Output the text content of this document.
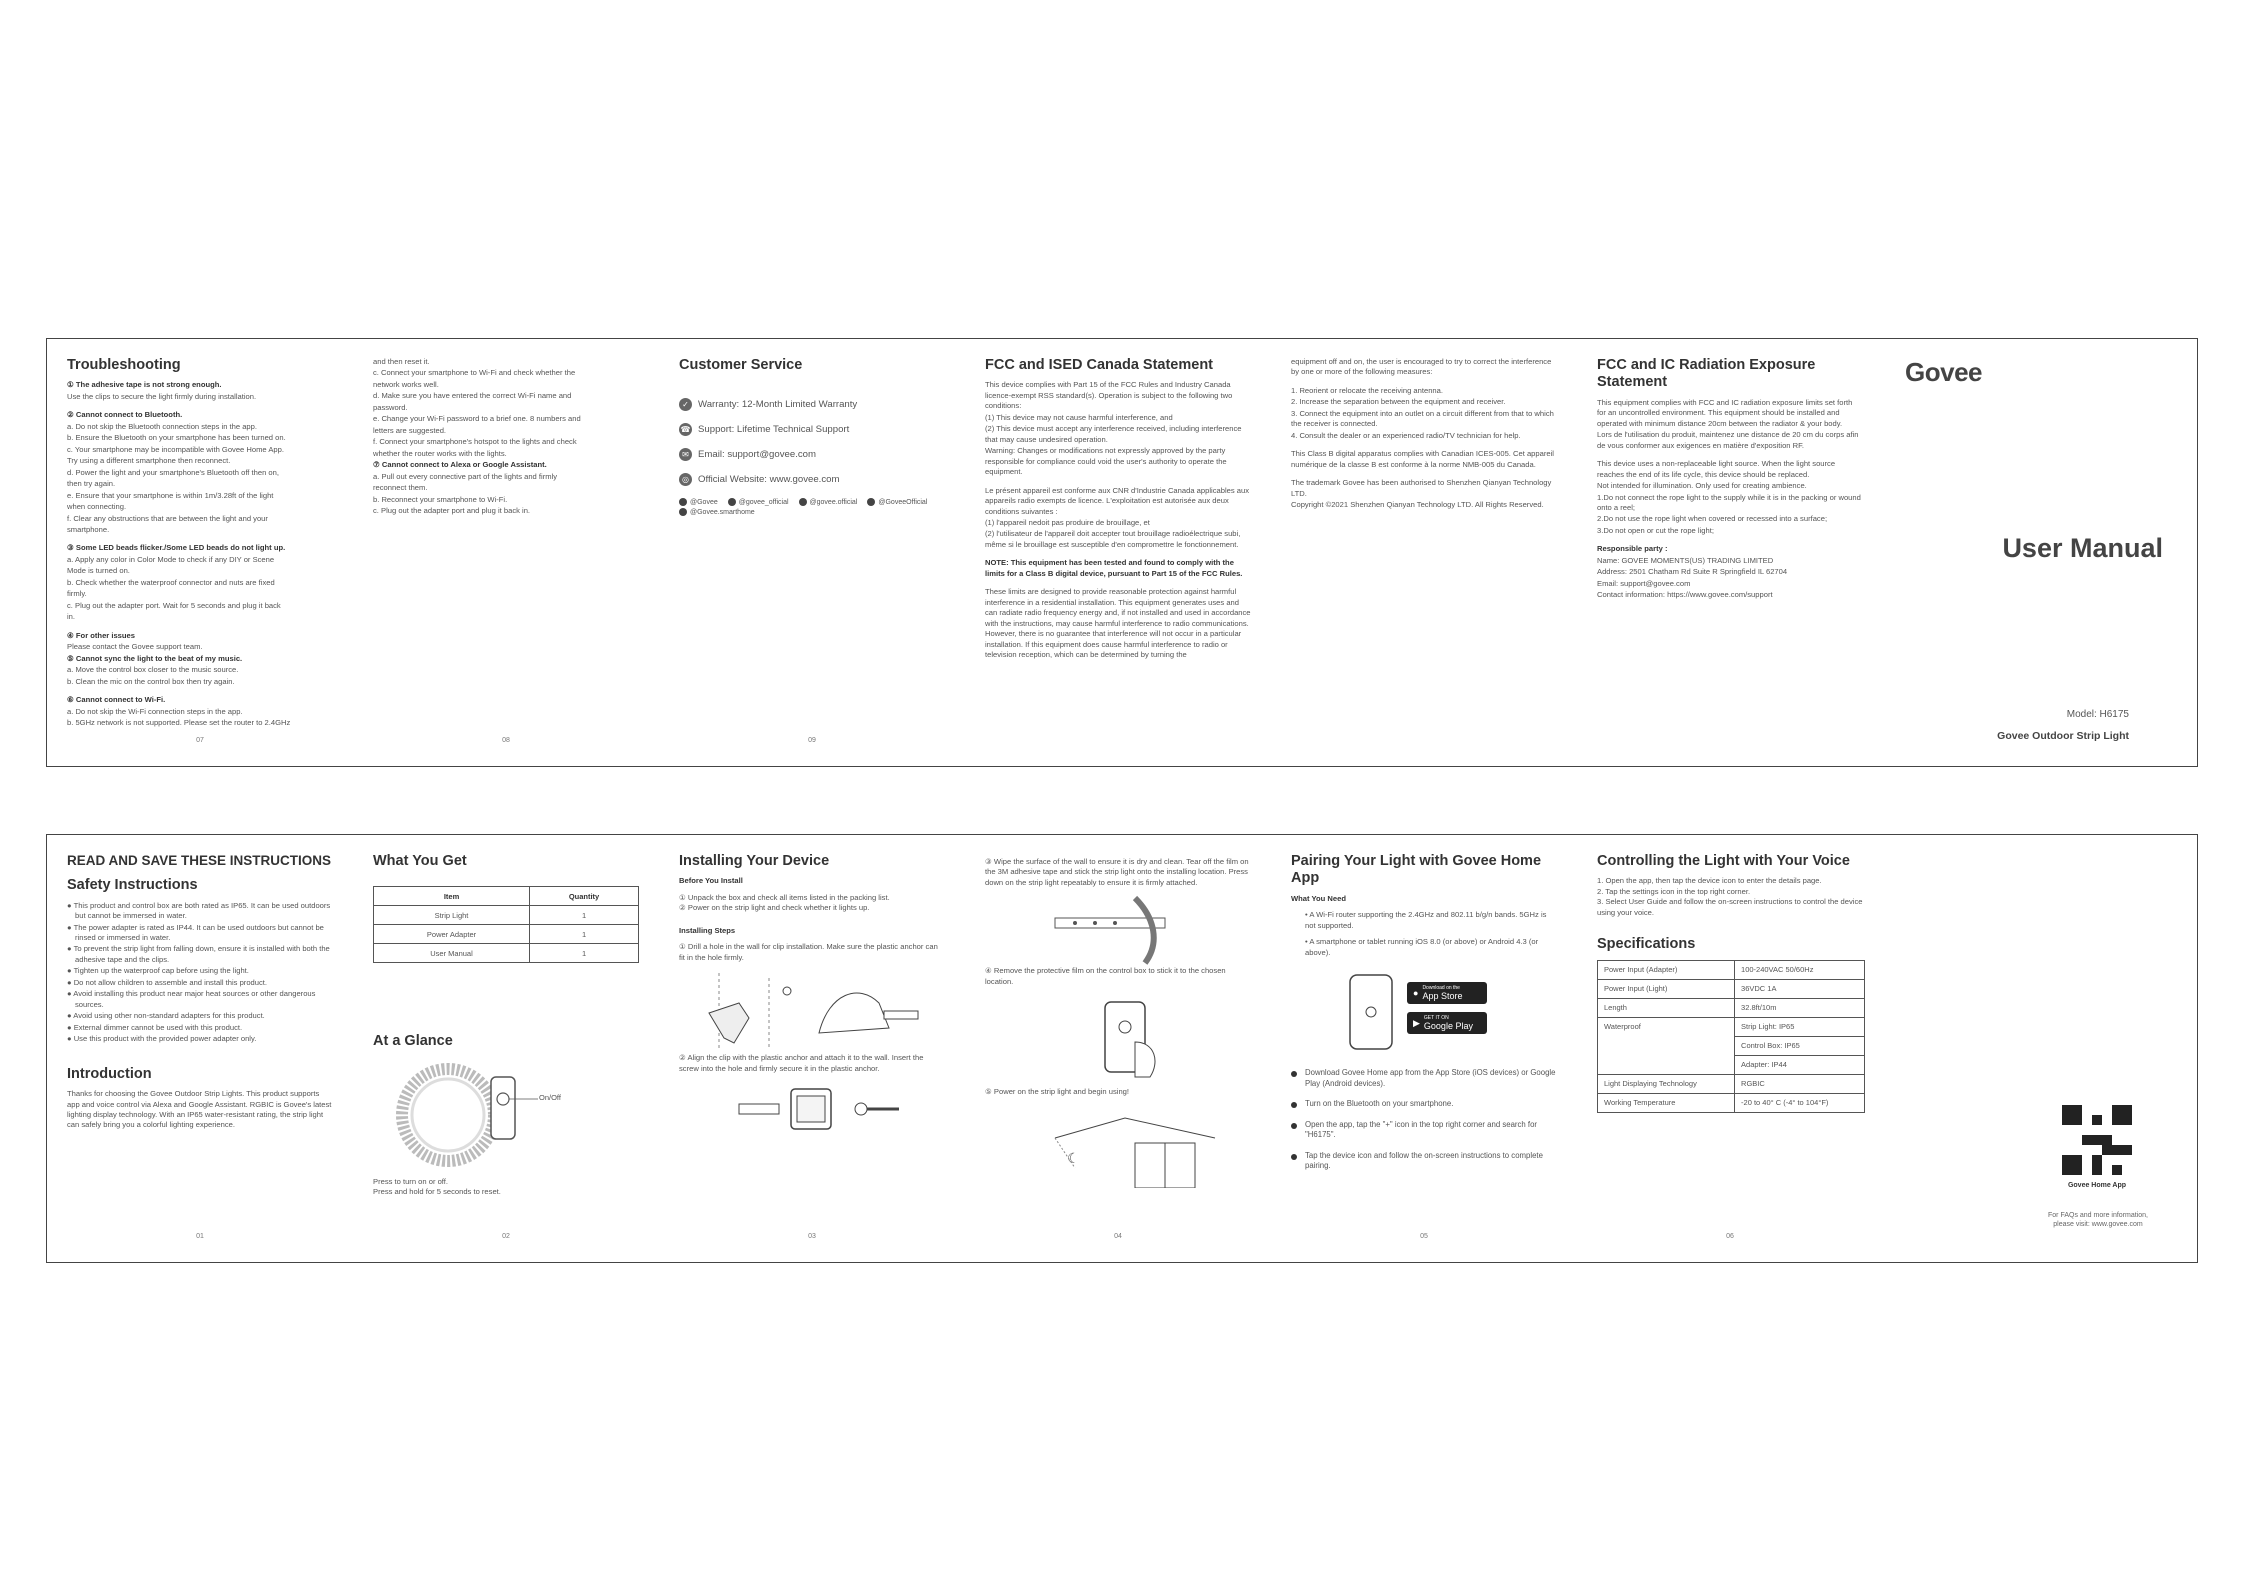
Troubleshooting

① The adhesive tape is not strong enough.

Use the clips to secure the light firmly during installation.

② Cannot connect to Bluetooth.

a. Do not skip the Bluetooth connection steps in the app.

b. Ensure the Bluetooth on your smartphone has been turned on.

c. Your smartphone may be incompatible with Govee Home App.

Try using a different smartphone then reconnect.

d. Power the light and your smartphone's Bluetooth off then on,

then try again.

e. Ensure that your smartphone is within 1m/3.28ft of the light

when connecting.

f. Clear any obstructions that are between the light and your

smartphone.

③ Some LED beads flicker./Some LED beads do not light up.

a. Apply any color in Color Mode to check if any DIY or Scene

Mode is turned on.

b. Check whether the waterproof connector and nuts are fixed

firmly.

c. Plug out the adapter port. Wait for 5 seconds and plug it back

in.

④ For other issues

Please contact the Govee support team.

⑤ Cannot sync the light to the beat of my music.

a. Move the control box closer to the music source.

b. Clean the mic on the control box then try again.

⑥ Cannot connect to Wi-Fi.

a. Do not skip the Wi-Fi connection steps in the app.

b. 5GHz network is not supported. Please set the router to 2.4GHz

07

and then reset it.

c. Connect your smartphone to Wi-Fi and check whether the

network works well.

d. Make sure you have entered the correct Wi-Fi name and

password.

e. Change your Wi-Fi password to a brief one. 8 numbers and

letters are suggested.

f. Connect your smartphone's hotspot to the lights and check

whether the router works with the lights.

⑦ Cannot connect to Alexa or Google Assistant.

a. Pull out every connective part of the lights and firmly

reconnect them.

b. Reconnect your smartphone to Wi-Fi.

c. Plug out the adapter port and plug it back in.

08
Customer Service
✓ Warranty: 12-Month Limited Warranty
☎ Support: Lifetime Technical Support
✉ Email: support@govee.com
◎ Official Website: www.govee.com
@Govee	@govee_official	@govee.official	@GoveeOfficial
@Govee.smarthome
09
FCC and ISED Canada Statement

This device complies with Part 15 of the FCC Rules and Industry Canada licence-exempt RSS standard(s). Operation is subject to the following two conditions:

(1) This device may not cause harmful interference, and

(2) This device must accept any interference received, including interference that may cause undesired operation.

Warning: Changes or modifications not expressly approved by the party responsible for compliance could void the user's authority to operate the equipment.

Le présent appareil est conforme aux CNR d'Industrie Canada applicables aux appareils radio exempts de licence. L'exploitation est autorisée aux deux conditions suivantes :

(1) l'appareil nedoit pas produire de brouillage, et

(2) l'utilisateur de l'appareil doit accepter tout brouillage radioélectrique subi, même si le brouillage est susceptible d'en compromettre le fonctionnement.

NOTE: This equipment has been tested and found to comply with the limits for a Class B digital device, pursuant to Part 15 of the FCC Rules.

These limits are designed to provide reasonable protection against harmful interference in a residential installation. This equipment generates uses and can radiate radio frequency energy and, if not installed and used in accordance with the instructions, may cause harmful interference to radio communications. However, there is no guarantee that interference will not occur in a particular installation. If this equipment does cause harmful interference to radio or television reception, which can be determined by turning the

equipment off and on, the user is encouraged to try to correct the interference by one or more of the following measures:

1. Reorient or relocate the receiving antenna.

2. Increase the separation between the equipment and receiver.

3. Connect the equipment into an outlet on a circuit different from that to which the receiver is connected.

4. Consult the dealer or an experienced radio/TV technician for help.

This Class B digital apparatus complies with Canadian ICES-005. Cet appareil numérique de la classe B est conforme à la norme NMB-005 du Canada.

The trademark Govee has been authorised to Shenzhen Qianyan Technology LTD.

Copyright ©2021 Shenzhen Qianyan Technology LTD. All Rights Reserved.

FCC and IC Radiation Exposure Statement

This equipment complies with FCC and IC radiation exposure limits set forth for an uncontrolled environment. This equipment should be installed and operated with minimum distance 20cm between the radiator & your body.

Lors de l'utilisation du produit, maintenez une distance de 20 cm du corps afin de vous conformer aux exigences en matière d'exposition RF.

This device uses a non-replaceable light source. When the light source reaches the end of its life cycle, this device should be replaced.

Not intended for illumination. Only used for creating ambience.

1.Do not connect the rope light to the supply while it is in the packing or wound onto a reel;

2.Do not use the rope light when covered or recessed into a surface;

3.Do not open or cut the rope light;

Responsible party :

Name: GOVEE MOMENTS(US) TRADING LIMITED

Address: 2501 Chatham Rd Suite R Springfield IL 62704

Email: support@govee.com

Contact information: https://www.govee.com/support

Govee
User Manual
Model: H6175
Govee Outdoor Strip Light
READ AND SAVE THESE INSTRUCTIONS
Safety Instructions

● This product and control box are both rated as IP65. It can be used outdoors but cannot be immersed in water.

● The power adapter is rated as IP44. It can be used outdoors but cannot be rinsed or immersed in water.

● To prevent the strip light from falling down, ensure it is installed with both the adhesive tape and the clips.

● Tighten up the waterproof cap before using the light.

● Do not allow children to assemble and install this product.

● Avoid installing this product near major heat sources or other dangerous sources.

● Avoid using other non-standard adapters for this product.

● External dimmer cannot be used with this product.

● Use this product with the provided power adapter only.

Introduction
Thanks for choosing the Govee Outdoor Strip Lights. This product supports app and voice control via Alexa and Google Assistant. RGBIC is Govee's latest lighting display technology. With an IP65 water-resistant rating, the strip light can safely bring you a colorful lighting experience.
01
What You Get
Item	Quantity
Strip Light	1
Power Adapter	1
User Manual	1
At a Glance
On/Off
Press to turn on or off.
Press and hold for 5 seconds to reset.
02
Installing Your Device
Before You Install
① Unpack the box and check all items listed in the packing list.
② Power on the strip light and check whether it lights up.
Installing Steps
① Drill a hole in the wall for clip installation. Make sure the plastic anchor can fit in the hole firmly.
② Align the clip with the plastic anchor and attach it to the wall. Insert the screw into the hole and firmly secure it in the plastic anchor.
03
③ Wipe the surface of the wall to ensure it is dry and clean. Tear off the film on the 3M adhesive tape and stick the strip light onto the installing location. Press down on the strip light repeatably to ensure it is firmly attached.
④ Remove the protective film on the control box to stick it to the chosen location.
⑤ Power on the strip light and begin using!
☾
04
Pairing Your Light with Govee Home App
What You Need
• A Wi-Fi router supporting the 2.4GHz and 802.11 b/g/n bands. 5GHz is not supported.
• A smartphone or tablet running iOS 8.0 (or above) or Android 4.3 (or above).
●
Download on the
App Store
▶ GET IT ON
Google Play
Download Govee Home app from the App Store (iOS devices) or Google Play (Android devices).
Turn on the Bluetooth on your smartphone.
Open the app, tap the "+" icon in the top right corner and search for "H6175".
Tap the device icon and follow the on-screen instructions to complete pairing.
05
Controlling the Light with Your Voice
1. Open the app, then tap the device icon to enter the details page.
2. Tap the settings icon in the top right corner.
3. Select User Guide and follow the on-screen instructions to control the device using your voice.
Specifications
Power Input (Adapter)	100-240VAC 50/60Hz
Power Input (Light)	36VDC 1A
Length	32.8ft/10m
Waterproof	Strip Light: IP65
	Control Box: IP65
	Adapter: IP44
Light Displaying Technology	RGBIC
Working Temperature	-20 to 40° C (-4° to 104°F)
06
Govee Home App
For FAQs and more information,
please visit: www.govee.com
